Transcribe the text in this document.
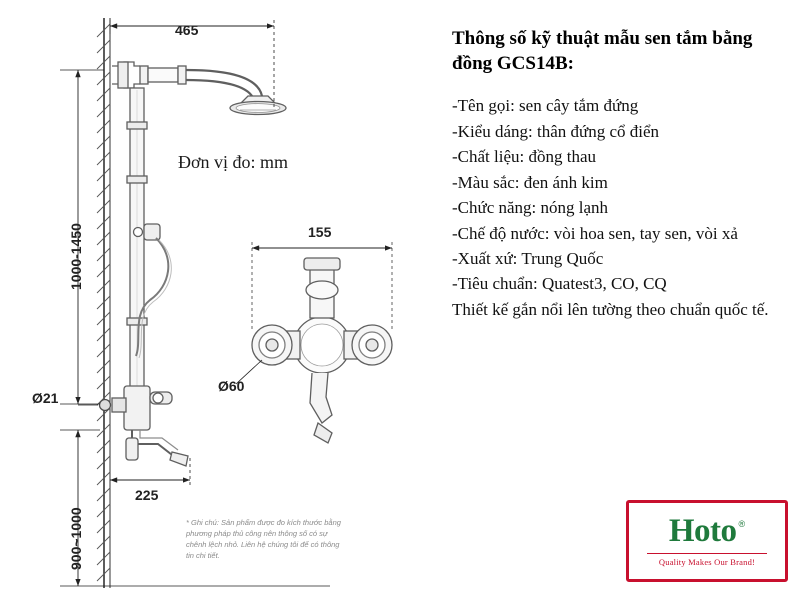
465
1000-1450
900~1000
225
Ø21
155
Ø60
Đơn vị đo: mm
* Ghi chú: Sản phẩm được đo kích thước bằng phương pháp thủ công nên thông số có sự chênh lệch nhỏ. Liên hệ chúng tôi để có thông tin chi tiết.
Thông số kỹ thuật mẫu sen tắm bằng đồng GCS14B:
-Tên gọi: sen cây tắm đứng
-Kiểu dáng: thân đứng cổ điển
-Chất liệu: đồng thau
-Màu sắc: đen ánh kim
-Chức năng: nóng lạnh
-Chế độ nước: vòi hoa sen, tay sen, vòi xả
-Xuất xứ: Trung Quốc
-Tiêu chuẩn: Quatest3, CO, CQ
Thiết kế gắn nổi lên tường theo chuẩn quốc tế.
Hoto ®
Quality Makes Our Brand!
